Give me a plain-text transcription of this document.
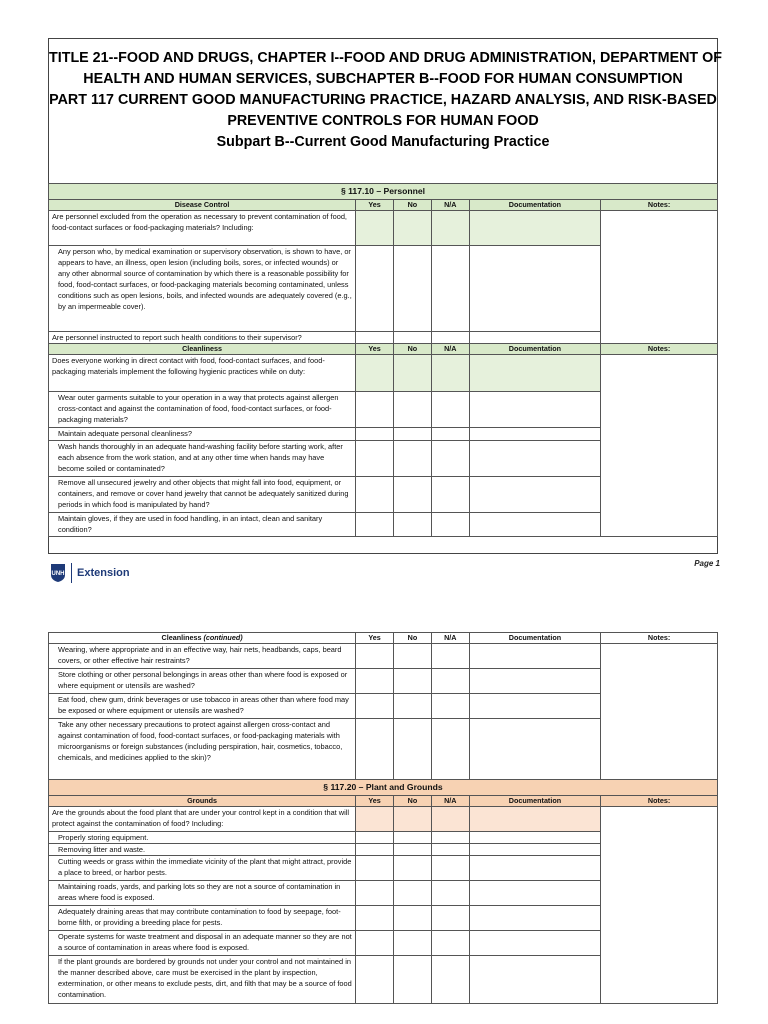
TITLE 21--FOOD AND DRUGS, CHAPTER I--FOOD AND DRUG ADMINISTRATION, DEPARTMENT OF
HEALTH AND HUMAN SERVICES, SUBCHAPTER B--FOOD FOR HUMAN CONSUMPTION
PART 117 CURRENT GOOD MANUFACTURING PRACTICE, HAZARD ANALYSIS, AND RISK-BASED
PREVENTIVE CONTROLS FOR HUMAN FOOD
Subpart B--Current Good Manufacturing Practice
§ 117.10 – Personnel					
Disease Control	Yes	No	N/A	Documentation	Notes:
Are personnel excluded from the operation as necessary to prevent contamination of food, food-contact surfaces or food-packaging materials? Including:					
Any person who, by medical examination or supervisory observation, is shown to have, or appears to have, an illness, open lesion (including boils, sores, or infected wounds) or any other abnormal source of contamination by which there is a reasonable possibility for food, food-contact surfaces, or food-packaging materials becoming contaminated, unless conditions such as open lesions, boils, and infected wounds are adequately covered (e.g., by an impermeable cover).					
Are personnel instructed to report such health conditions to their supervisor?					
Cleanliness	Yes	No	N/A	Documentation	Notes:
Does everyone working in direct contact with food, food-contact surfaces, and food-packaging materials implement the following hygienic practices while on duty:					
Wear outer garments suitable to your operation in a way that protects against allergen cross-contact and against the contamination of food, food-contact surfaces, or food-packaging materials?					
Maintain adequate personal cleanliness?					
Wash hands thoroughly in an adequate hand-washing facility before starting work, after each absence from the work station, and at any other time when hands may have become soiled or contaminated?					
Remove all unsecured jewelry and other objects that might fall into food, equipment, or containers, and remove or cover hand jewelry that cannot be adequately sanitized during periods in which food is manipulated by hand?					
Maintain gloves, if they are used in food handling, in an intact, clean and sanitary condition?					
UNH Extension
Page 1
Cleanliness (continued)	Yes	No	N/A	Documentation	Notes:
Wearing, where appropriate and in an effective way, hair nets, headbands, caps, beard covers, or other effective hair restraints?					
Store clothing or other personal belongings in areas other than where food is exposed or where equipment or utensils are washed?					
Eat food, chew gum, drink beverages or use tobacco in areas other than where food may be exposed or where equipment or utensils are washed?					
Take any other necessary precautions to protect against allergen cross-contact and against contamination of food, food-contact surfaces, or food-packaging materials with microorganisms or foreign substances (including perspiration, hair, cosmetics, tobacco, chemicals, and medicines applied to the skin)?					
§ 117.20 – Plant and Grounds					
Grounds	Yes	No	N/A	Documentation	Notes:
Are the grounds about the food plant that are under your control kept in a condition that will protect against the contamination of food? Including:					
Properly storing equipment.					
Removing litter and waste.					
Cutting weeds or grass within the immediate vicinity of the plant that might attract, provide a place to breed, or harbor pests.					
Maintaining roads, yards, and parking lots so they are not a source of contamination in areas where food is exposed.					
Adequately draining areas that may contribute contamination to food by seepage, foot-borne filth, or providing a breeding place for pests.					
Operate systems for waste treatment and disposal in an adequate manner so they are not a source of contamination in areas where food is exposed.					
If the plant grounds are bordered by grounds not under your control and not maintained in the manner described above, care must be exercised in the plant by inspection, extermination, or other means to exclude pests, dirt, and filth that may be a source of food contamination.					
